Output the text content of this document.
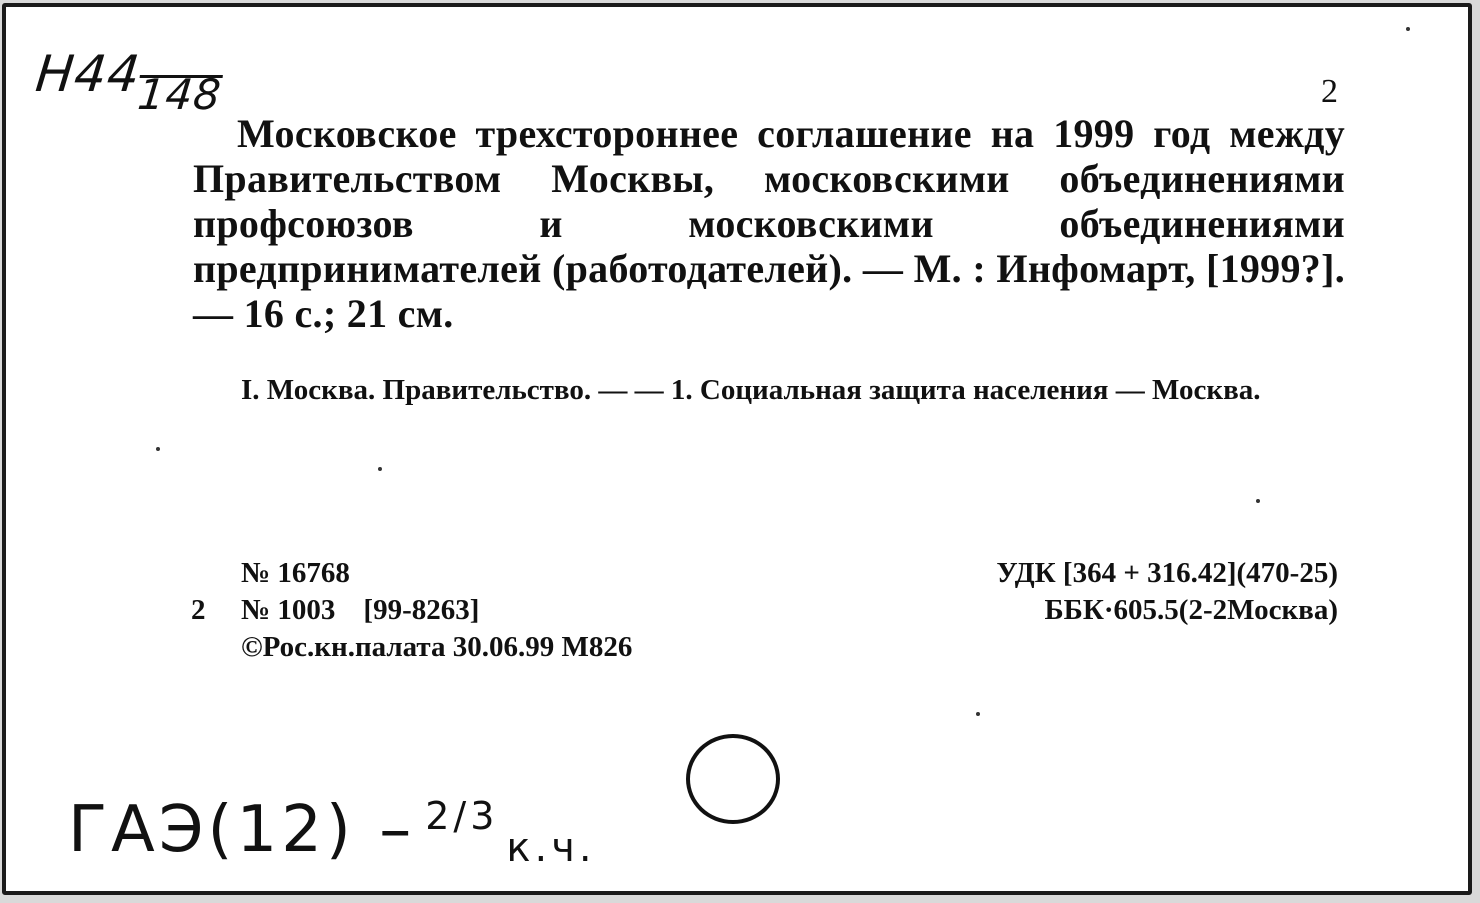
Н44148	2
Московское трехстороннее соглашение на 1999 год между Правительством Москвы, московскими объединениями профсоюзов и московскими объединениями предпринимателей (работодателей). — М. : Инфомарт, [1999?]. — 16 с.; 21 см.
I. Москва. Правительство. — — 1. Социальная защита населения — Москва.
№ 16768
2 № 1003 [99-8263]
©Рос.кн.палата 30.06.99 М826
УДК [364 + 316.42](470-25)
ББК·605.5(2-2Москва)
ГАЭ(12) – 2/3к.ч.
